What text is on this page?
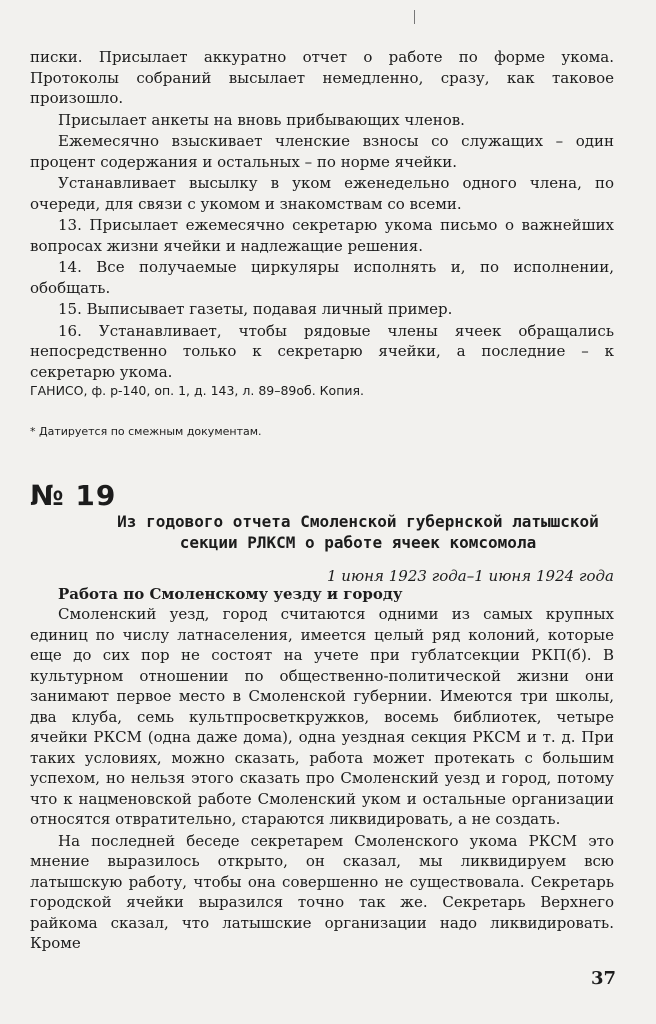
писки. Присылает аккуратно отчет о работе по форме укома. Протоколы собраний высылает немедленно, сразу, как таковое произошло.

Присылает анкеты на вновь прибывающих членов.

Ежемесячно взыскивает членские взносы со служащих – один процент содержания и остальных – по норме ячейки.

Устанавливает высылку в уком еженедельно одного члена, по очереди, для связи с укомом и знакомствам со всеми.

13. Присылает ежемесячно секретарю укома письмо о важнейших вопросах жизни ячейки и надлежащие решения.

14. Все получаемые циркуляры исполнять и, по исполнении, обобщать.

15. Выписывает газеты, подавая личный пример.

16. Устанавливает, чтобы рядовые члены ячеек обращались непосредственно только к секретарю ячейки, а последние – к секретарю укома.

ГАНИСО, ф. р-140, оп. 1, д. 143, л. 89–89об. Копия.

* Датируется по смежным документам.

№ 19
Из годового отчета Смоленской губернской латышской
секции РЛКСМ о работе ячеек комсомола
1 июня 1923 года–1 июня 1924 года
Работа по Смоленскому уезду и городу

Смоленский уезд, город считаются одними из самых крупных единиц по числу латнаселения, имеется целый ряд колоний, которые еще до сих пор не состоят на учете при гублатсекции РКП(б). В культурном отношении по общественно-политической жизни они занимают первое место в Смоленской губернии. Имеются три школы, два клуба, семь культпросветкружков, восемь библиотек, четыре ячейки РКСМ (одна даже дома), одна уездная секция РКСМ и т. д. При таких условиях, можно сказать, работа может протекать с большим успехом, но нельзя этого сказать про Смоленский уезд и город, потому что к нацменовской работе Смоленский уком и остальные организации относятся отвратительно, стараются ликвидировать, а не создать.

На последней беседе секретарем Смоленского укома РКСМ это мнение выразилось открыто, он сказал, мы ликвидируем всю латышскую работу, чтобы она совершенно не существовала. Секретарь городской ячейки выразился точно так же. Секретарь Верхнего райкома сказал, что латышские организации надо ликвидировать. Кроме

37
